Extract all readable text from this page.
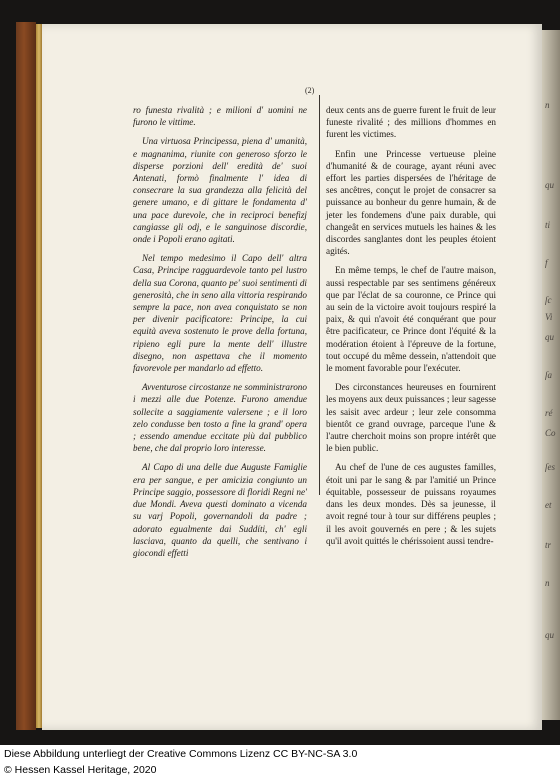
n
qu
ti
f
ſc
Vi
qu
ſa
ré
Co
ſes
et
tr
n
qu
(2)

ro funesta rivalità ; e milioni d' uomini ne furono le vittime.

Una virtuosa Principessa, piena d' umanità, e magnanima, riunite con generoso sforzo le disperse porzioni dell' eredità de' suoi Antenati, formò finalmente l' idea di consecrare la sua grandezza alla felicità del genere umano, e di gittare le fondamenta d' una pace durevole, che in reciproci benefizj cangiasse gli odj, e le sanguinose discordie, onde i Popoli erano agitati.

Nel tempo medesimo il Capo dell' altra Casa, Principe ragguardevole tanto pel lustro della sua Corona, quanto pe' suoi sentimenti di generosità, che in seno alla vittoria respirando sempre la pace, non avea conquistato se non per divenir pacificatore: Principe, la cui equità aveva sostenuto le prove della fortuna, ripieno egli pure la mente dell' illustre disegno, non aspettava che il momento favorevole per mandarlo ad effetto.

Avventurose circostanze ne somministrarono i mezzi alle due Potenze. Furono amendue sollecite a saggiamente valersene ; e il loro zelo condusse ben tosto a fine la grand' opera ; essendo amendue eccitate più dal pubblico bene, che dal proprio loro interesse.

Al Capo di una delle due Auguste Famiglie era per sangue, e per amicizia congiunto un Principe saggio, possessore di floridi Regni ne' due Mondi. Aveva questi dominato a vicenda su varj Popoli, governandoli da padre ; adorato egualmente dai Suddíti, ch' egli lasciava, quanto da quelli, che sentivano i giocondi effetti

deux cents ans de guerre furent le fruit de leur funeste rivalité ; des millions d'hommes en furent les victimes.

Enfin une Princesse vertueuse pleine d'humanité & de courage, ayant réuni avec effort les parties dispersées de l'héritage de ses ancêtres, conçut le projet de consacrer sa puissance au bonheur du genre humain, & de jeter les fondemens d'une paix durable, qui changeât en services mutuels les haines & les discordes sanglantes dont les peuples étoient agités.

En même temps, le chef de l'autre maison, aussi respectable par ses sentimens généreux que par l'éclat de sa couronne, ce Prince qui au sein de la victoire avoit toujours respiré la paix, & qui n'avoit été conquérant que pour être pacificateur, ce Prince dont l'équité & la modération étoient à l'épreuve de la fortune, tout occupé du même dessein, n'attendoit que le moment favorable pour l'exécuter.

Des circonstances heureuses en fournirent les moyens aux deux puissances ; leur sagesse les saisit avec ardeur ; leur zele consomma bientôt ce grand ouvrage, parceque l'une & l'autre cherchoit moins son propre intérêt que le bien public.

Au chef de l'une de ces augustes familles, étoit uni par le sang & par l'amitié un Prince équitable, possesseur de puissans royaumes dans les deux mondes. Dès sa jeunesse, il avoit regné tour à tour sur différens peuples ; il les avoit gouvernés en pere ; & les sujets qu'il avoit quittés le chérissoient aussi tendre-

Diese Abbildung unterliegt der Creative Commons Lizenz CC BY-NC-SA 3.0
© Hessen Kassel Heritage, 2020
